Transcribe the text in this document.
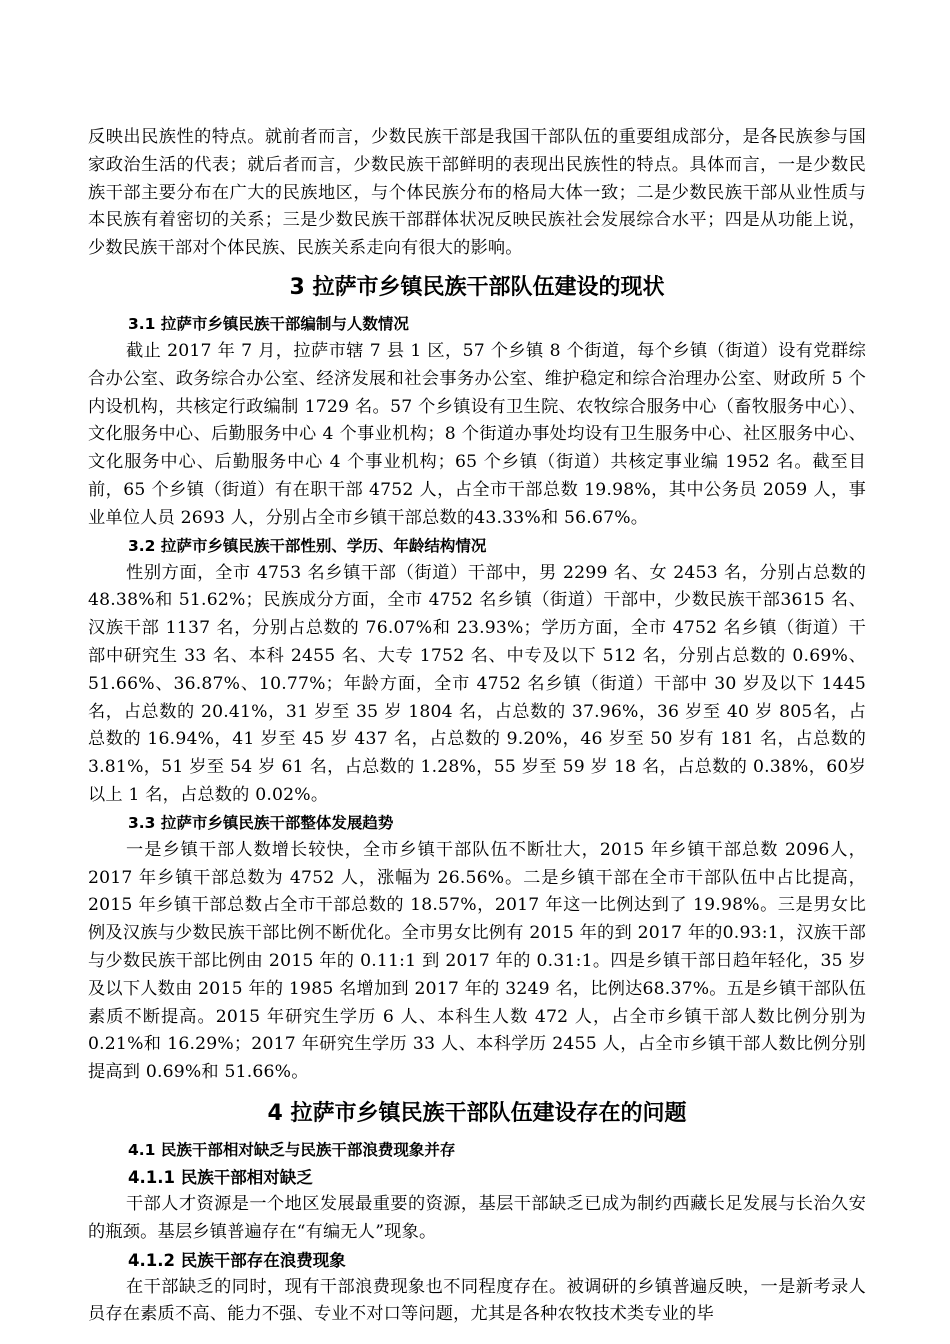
反映出民族性的特点。就前者而言，少数民族干部是我国干部队伍的重要组成部分，是各民族参与国家政治生活的代表；就后者而言，少数民族干部鲜明的表现出民族性的特点。具体而言，一是少数民族干部主要分布在广大的民族地区，与个体民族分布的格局大体一致；二是少数民族干部从业性质与本民族有着密切的关系；三是少数民族干部群体状况反映民族社会发展综合水平；四是从功能上说，少数民族干部对个体民族、民族关系走向有很大的影响。

3 拉萨市乡镇民族干部队伍建设的现状
3.1 拉萨市乡镇民族干部编制与人数情况

截止 2017 年 7 月，拉萨市辖 7 县 1 区，57 个乡镇 8 个街道，每个乡镇（街道）设有党群综合办公室、政务综合办公室、经济发展和社会事务办公室、维护稳定和综合治理办公室、财政所 5 个内设机构，共核定行政编制 1729 名。57 个乡镇设有卫生院、农牧综合服务中心（畜牧服务中心）、文化服务中心、后勤服务中心 4 个事业机构；8 个街道办事处均设有卫生服务中心、社区服务中心、文化服务中心、后勤服务中心 4 个事业机构；65 个乡镇（街道）共核定事业编 1952 名。截至目前，65 个乡镇（街道）有在职干部 4752 人，占全市干部总数 19.98%，其中公务员 2059 人，事业单位人员 2693 人，分别占全市乡镇干部总数的43.33%和 56.67%。

3.2 拉萨市乡镇民族干部性别、学历、年龄结构情况

性别方面，全市 4753 名乡镇干部（街道）干部中，男 2299 名、女 2453 名，分别占总数的 48.38%和 51.62%；民族成分方面，全市 4752 名乡镇（街道）干部中，少数民族干部3615 名、汉族干部 1137 名，分别占总数的 76.07%和 23.93%；学历方面，全市 4752 名乡镇（街道）干部中研究生 33 名、本科 2455 名、大专 1752 名、中专及以下 512 名，分别占总数的 0.69%、51.66%、36.87%、10.77%；年龄方面，全市 4752 名乡镇（街道）干部中 30 岁及以下 1445 名，占总数的 20.41%，31 岁至 35 岁 1804 名，占总数的 37.96%，36 岁至 40 岁 805名，占总数的 16.94%，41 岁至 45 岁 437 名，占总数的 9.20%，46 岁至 50 岁有 181 名，占总数的 3.81%，51 岁至 54 岁 61 名，占总数的 1.28%，55 岁至 59 岁 18 名，占总数的 0.38%，60岁以上 1 名，占总数的 0.02%。

3.3 拉萨市乡镇民族干部整体发展趋势

一是乡镇干部人数增长较快，全市乡镇干部队伍不断壮大，2015 年乡镇干部总数 2096人，2017 年乡镇干部总数为 4752 人，涨幅为 26.56%。二是乡镇干部在全市干部队伍中占比提高，2015 年乡镇干部总数占全市干部总数的 18.57%，2017 年这一比例达到了 19.98%。三是男女比例及汉族与少数民族干部比例不断优化。全市男女比例有 2015 年的到 2017 年的0.93:1，汉族干部与少数民族干部比例由 2015 年的 0.11:1 到 2017 年的 0.31:1。四是乡镇干部日趋年轻化，35 岁及以下人数由 2015 年的 1985 名增加到 2017 年的 3249 名，比例达68.37%。五是乡镇干部队伍素质不断提高。2015 年研究生学历 6 人、本科生人数 472 人，占全市乡镇干部人数比例分别为 0.21%和 16.29%；2017 年研究生学历 33 人、本科学历 2455 人，占全市乡镇干部人数比例分别提高到 0.69%和 51.66%。

4 拉萨市乡镇民族干部队伍建设存在的问题
4.1 民族干部相对缺乏与民族干部浪费现象并存
4.1.1 民族干部相对缺乏

干部人才资源是一个地区发展最重要的资源，基层干部缺乏已成为制约西藏长足发展与长治久安的瓶颈。基层乡镇普遍存在“有编无人”现象。

4.1.2 民族干部存在浪费现象

在干部缺乏的同时，现有干部浪费现象也不同程度存在。被调研的乡镇普遍反映，一是新考录人员存在素质不高、能力不强、专业不对口等问题，尤其是各种农牧技术类专业的毕
